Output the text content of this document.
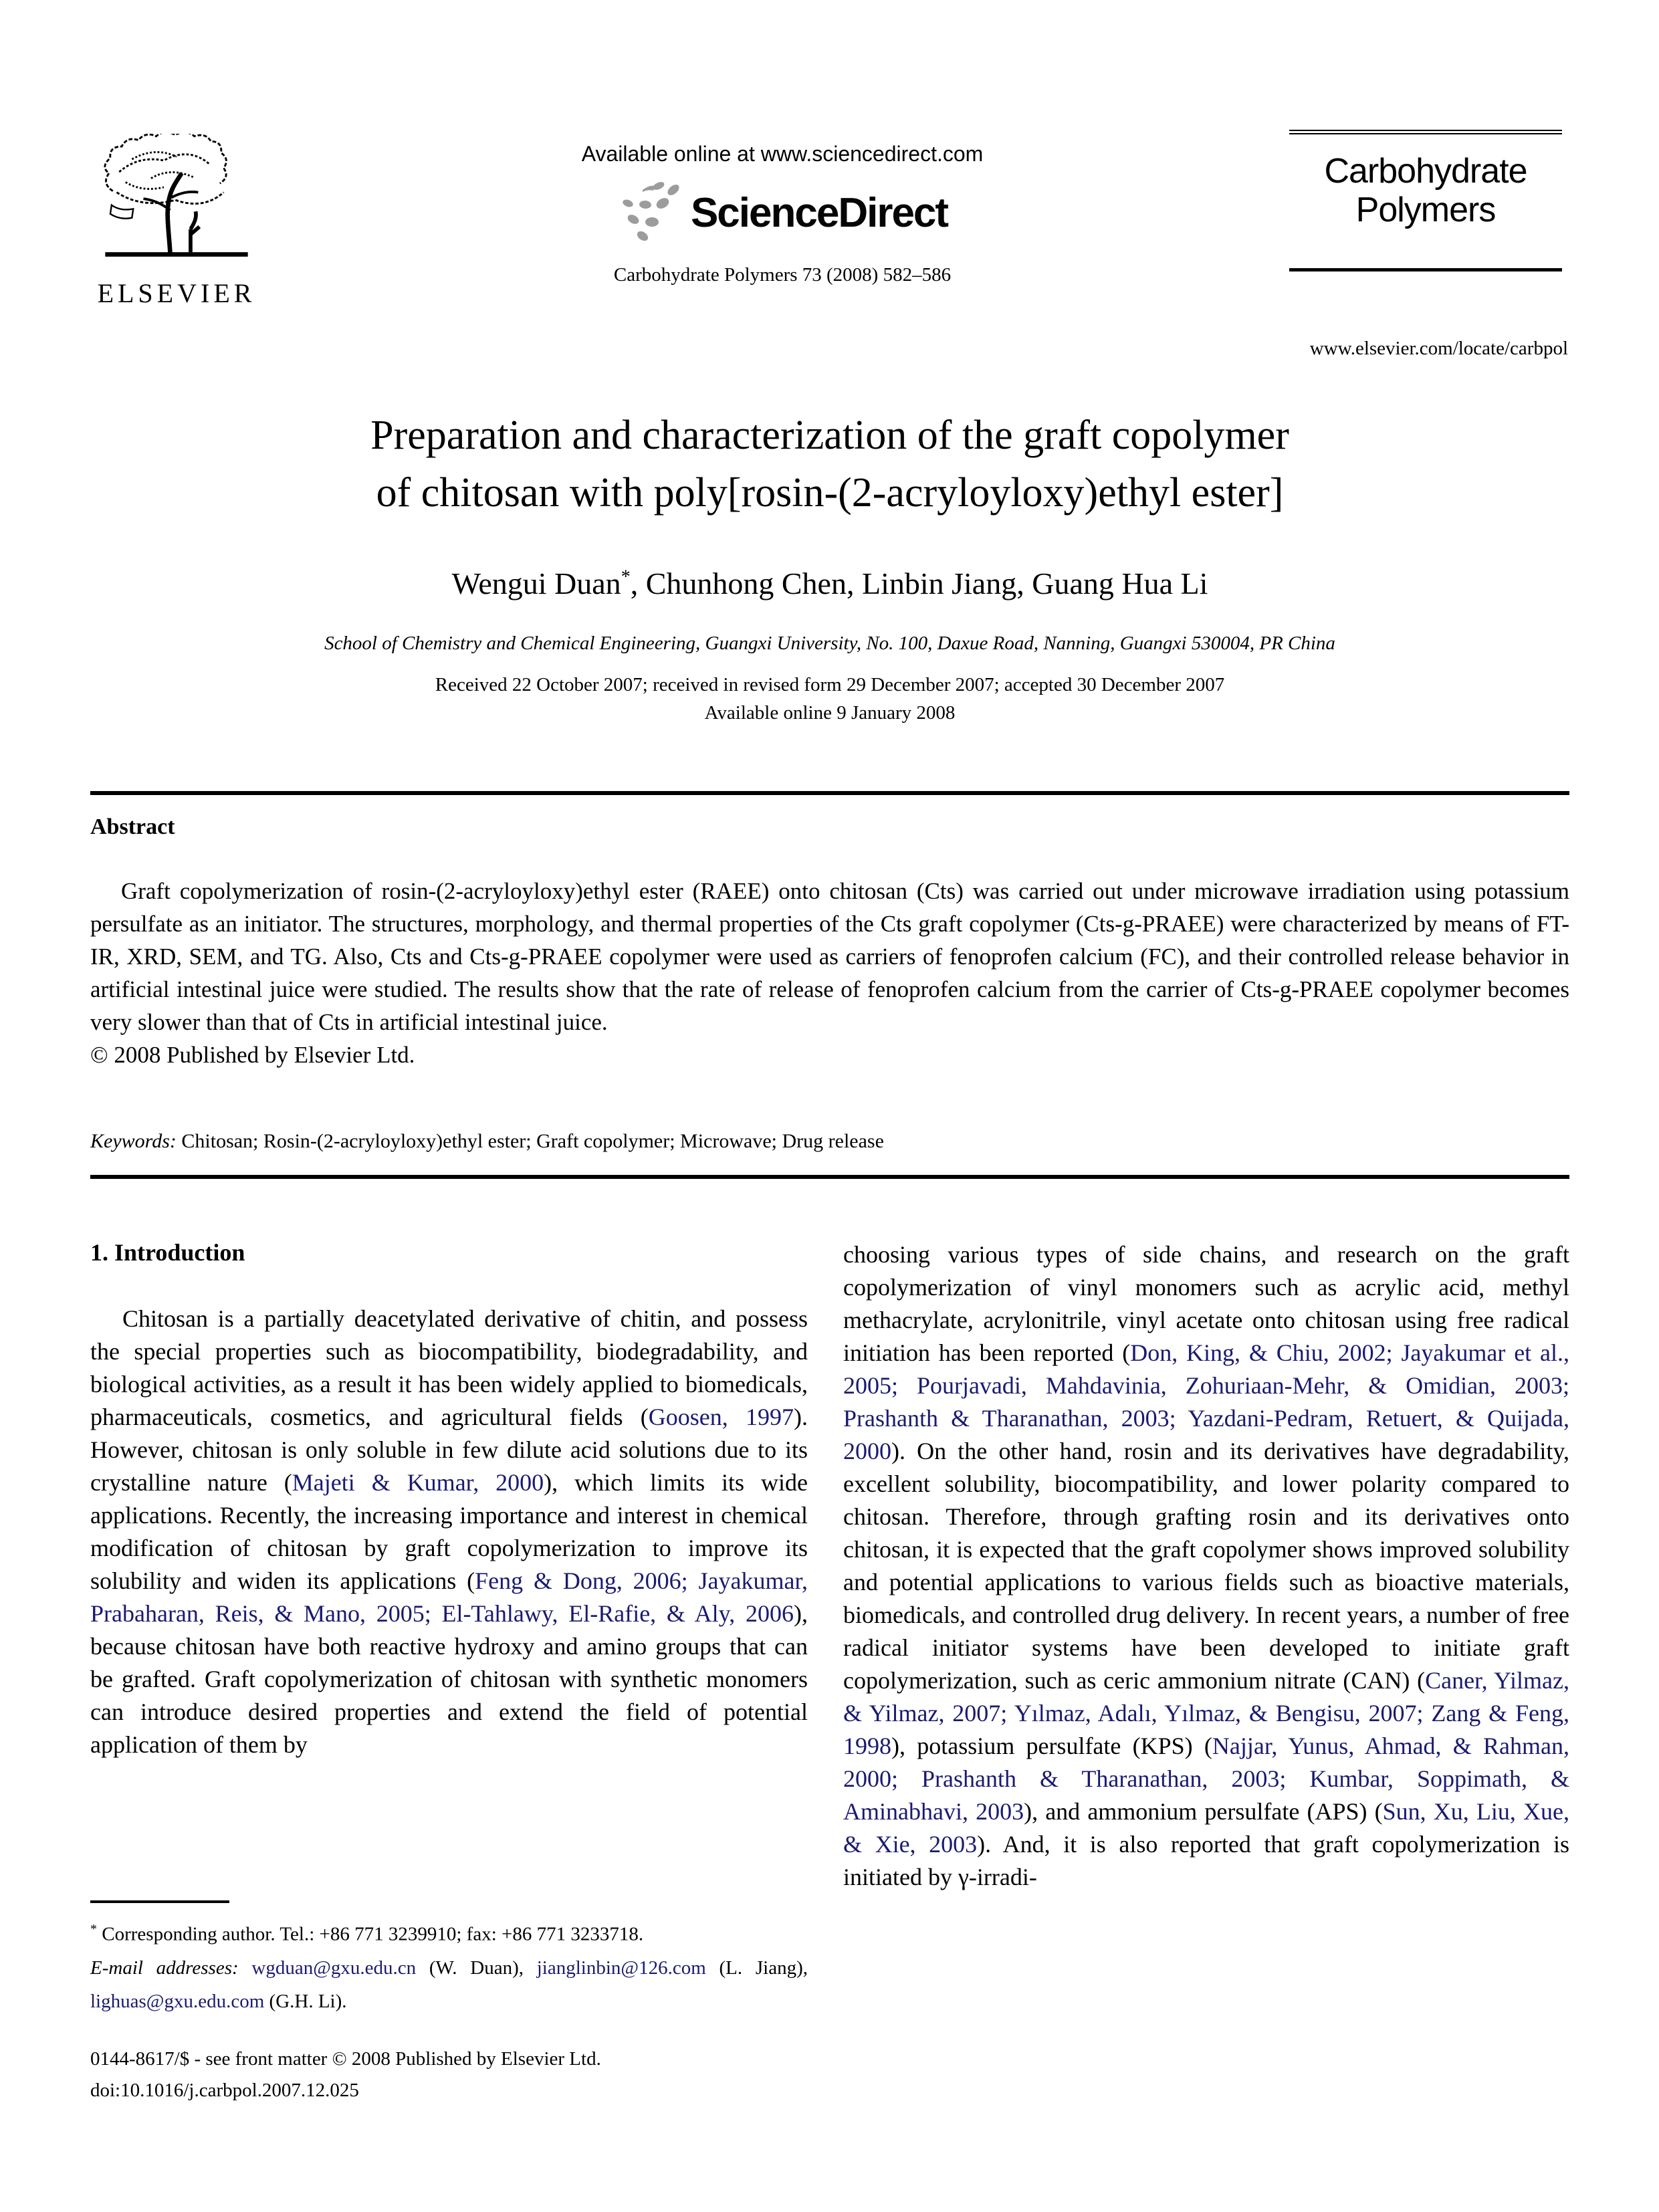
ELSEVIER
Available online at www.sciencedirect.com
ScienceDirect
Carbohydrate Polymers 73 (2008) 582–586
Carbohydrate
Polymers
www.elsevier.com/locate/carbpol
Preparation and characterization of the graft copolymer
of chitosan with poly[rosin-(2-acryloyloxy)ethyl ester]
Wengui Duan*, Chunhong Chen, Linbin Jiang, Guang Hua Li
School of Chemistry and Chemical Engineering, Guangxi University, No. 100, Daxue Road, Nanning, Guangxi 530004, PR China
Received 22 October 2007; received in revised form 29 December 2007; accepted 30 December 2007
Available online 9 January 2008
Abstract

Graft copolymerization of rosin-(2-acryloyloxy)ethyl ester (RAEE) onto chitosan (Cts) was carried out under microwave irradiation using potassium persulfate as an initiator. The structures, morphology, and thermal properties of the Cts graft copolymer (Cts-g-PRAEE) were characterized by means of FT-IR, XRD, SEM, and TG. Also, Cts and Cts-g-PRAEE copolymer were used as carriers of fenoprofen calcium (FC), and their controlled release behavior in artificial intestinal juice were studied. The results show that the rate of release of fenoprofen calcium from the carrier of Cts-g-PRAEE copolymer becomes very slower than that of Cts in artificial intestinal juice.

© 2008 Published by Elsevier Ltd.

Keywords: Chitosan; Rosin-(2-acryloyloxy)ethyl ester; Graft copolymer; Microwave; Drug release
1. Introduction

Chitosan is a partially deacetylated derivative of chitin, and possess the special properties such as biocompatibility, biodegradability, and biological activities, as a result it has been widely applied to biomedicals, pharmaceuticals, cosmetics, and agricultural fields (Goosen, 1997). However, chitosan is only soluble in few dilute acid solutions due to its crystalline nature (Majeti & Kumar, 2000), which limits its wide applications. Recently, the increasing importance and interest in chemical modification of chitosan by graft copolymerization to improve its solubility and widen its applications (Feng & Dong, 2006; Jayakumar, Prabaharan, Reis, & Mano, 2005; El-Tahlawy, El-Rafie, & Aly, 2006), because chitosan have both reactive hydroxy and amino groups that can be grafted. Graft copolymerization of chitosan with synthetic monomers can introduce desired properties and extend the field of potential application of them by

choosing various types of side chains, and research on the graft copolymerization of vinyl monomers such as acrylic acid, methyl methacrylate, acrylonitrile, vinyl acetate onto chitosan using free radical initiation has been reported (Don, King, & Chiu, 2002; Jayakumar et al., 2005; Pourjavadi, Mahdavinia, Zohuriaan-Mehr, & Omidian, 2003; Prashanth & Tharanathan, 2003; Yazdani-Pedram, Retuert, & Quijada, 2000). On the other hand, rosin and its derivatives have degradability, excellent solubility, biocompatibility, and lower polarity compared to chitosan. Therefore, through grafting rosin and its derivatives onto chitosan, it is expected that the graft copolymer shows improved solubility and potential applications to various fields such as bioactive materials, biomedicals, and controlled drug delivery. In recent years, a number of free radical initiator systems have been developed to initiate graft copolymerization, such as ceric ammonium nitrate (CAN) (Caner, Yilmaz, & Yilmaz, 2007; Yılmaz, Adalı, Yılmaz, & Bengisu, 2007; Zang & Feng, 1998), potassium persulfate (KPS) (Najjar, Yunus, Ahmad, & Rahman, 2000; Prashanth & Tharanathan, 2003; Kumbar, Soppimath, & Aminabhavi, 2003), and ammonium persulfate (APS) (Sun, Xu, Liu, Xue, & Xie, 2003). And, it is also reported that graft copolymerization is initiated by γ-irradi-

* Corresponding author. Tel.: +86 771 3239910; fax: +86 771 3233718.
E-mail addresses: wgduan@gxu.edu.cn (W. Duan), jianglinbin@126.com (L. Jiang), lighuas@gxu.edu.com (G.H. Li).
0144-8617/$ - see front matter © 2008 Published by Elsevier Ltd.
doi:10.1016/j.carbpol.2007.12.025
